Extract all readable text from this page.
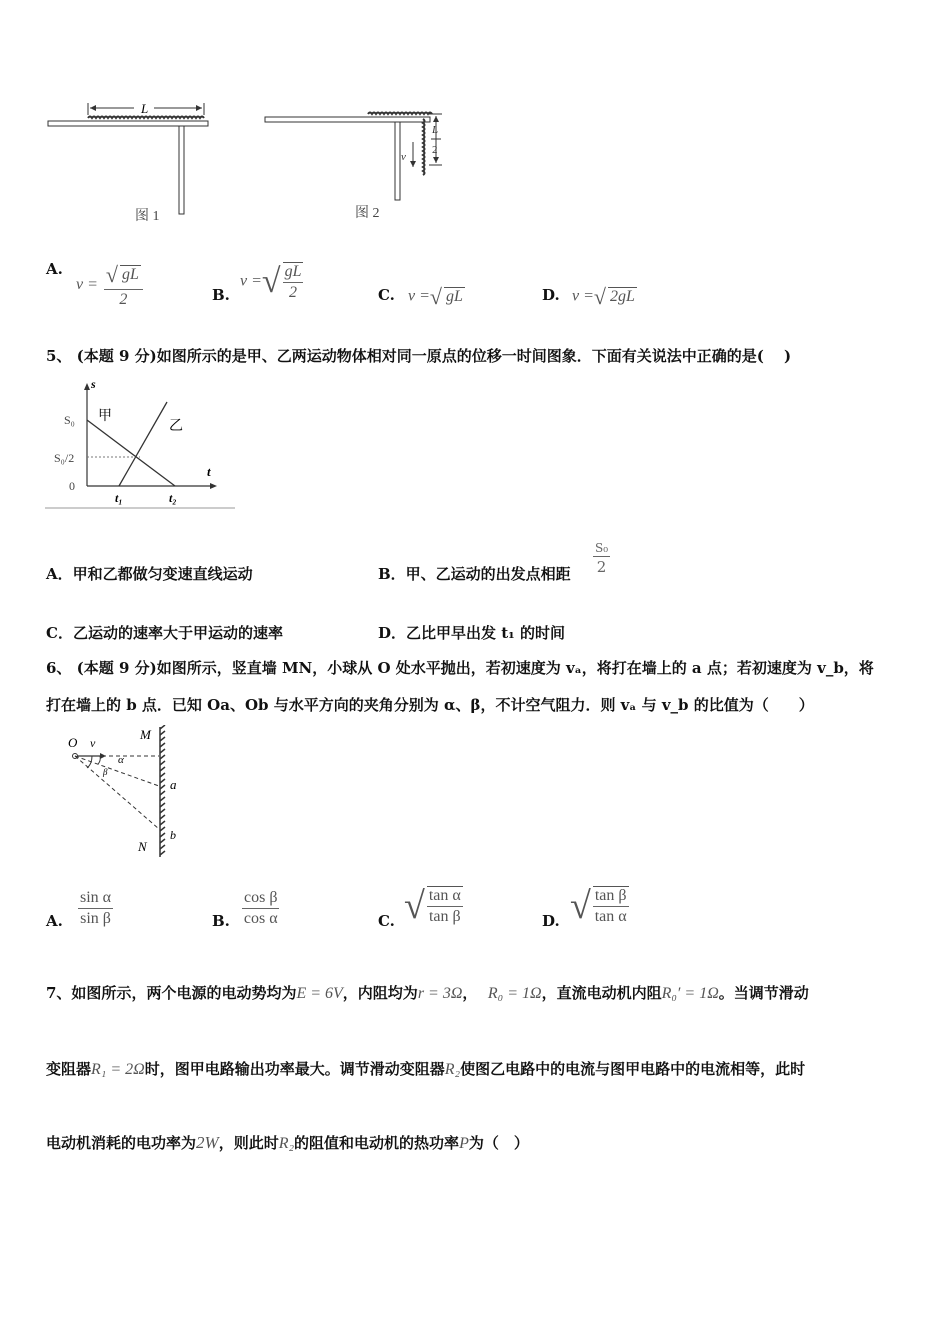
L
图 1
L
2
v
图 2
A.
$v = \frac{√ gL}{2}$	B.
v =√ $\frac{gL}{2}$	C. v =√ gL	D. v =√ 2gL
5、 (本题 9 分)如图所示的是甲、乙两运动物体相对同一原点的位移一时间图象．下面有关说法中正确的是(　 )
s
t
S₀
S₀/2
0
甲
乙
t₁	t₂
A．甲和乙都做匀变速直线运动	B．甲、乙运动的出发点相距 $\frac{\text{S₀}}{2}$
C．乙运动的速率大于甲运动的速率	D．乙比甲早出发 t₁ 的时间
6、 (本题 9 分)如图所示，竖直墙 MN，小球从 O 处水平抛出，若初速度为 vₐ，将打在墙上的 a 点；若初速度为 v_b，将
打在墙上的 b 点．已知 Oa、Ob 与水平方向的夹角分别为 α、β，不计空气阻力．则 vₐ 与 v_b 的比值为（　　）
O v
M
N
a
b
α
β
A. $\frac{\text{sin α}}{\text{sin β}}$	B. $\frac{\text{cos β}}{\text{cos α}}$	C. √ $\frac{\text{tan α}}{\text{tan β}}$	D. √ $\frac{\text{tan β}}{\text{tan α}}$
7、如图所示，两个电源的电动势均为E = 6V，内阻均为r = 3Ω， R₀ = 1Ω，直流电动机内阻R₀′ = 1Ω。当调节滑动
变阻器R₁ = 2Ω时，图甲电路输出功率最大。调节滑动变阻器R₂使图乙电路中的电流与图甲电路中的电流相等，此时
电动机消耗的电功率为2W，则此时R₂的阻值和电动机的热功率P为（　）
